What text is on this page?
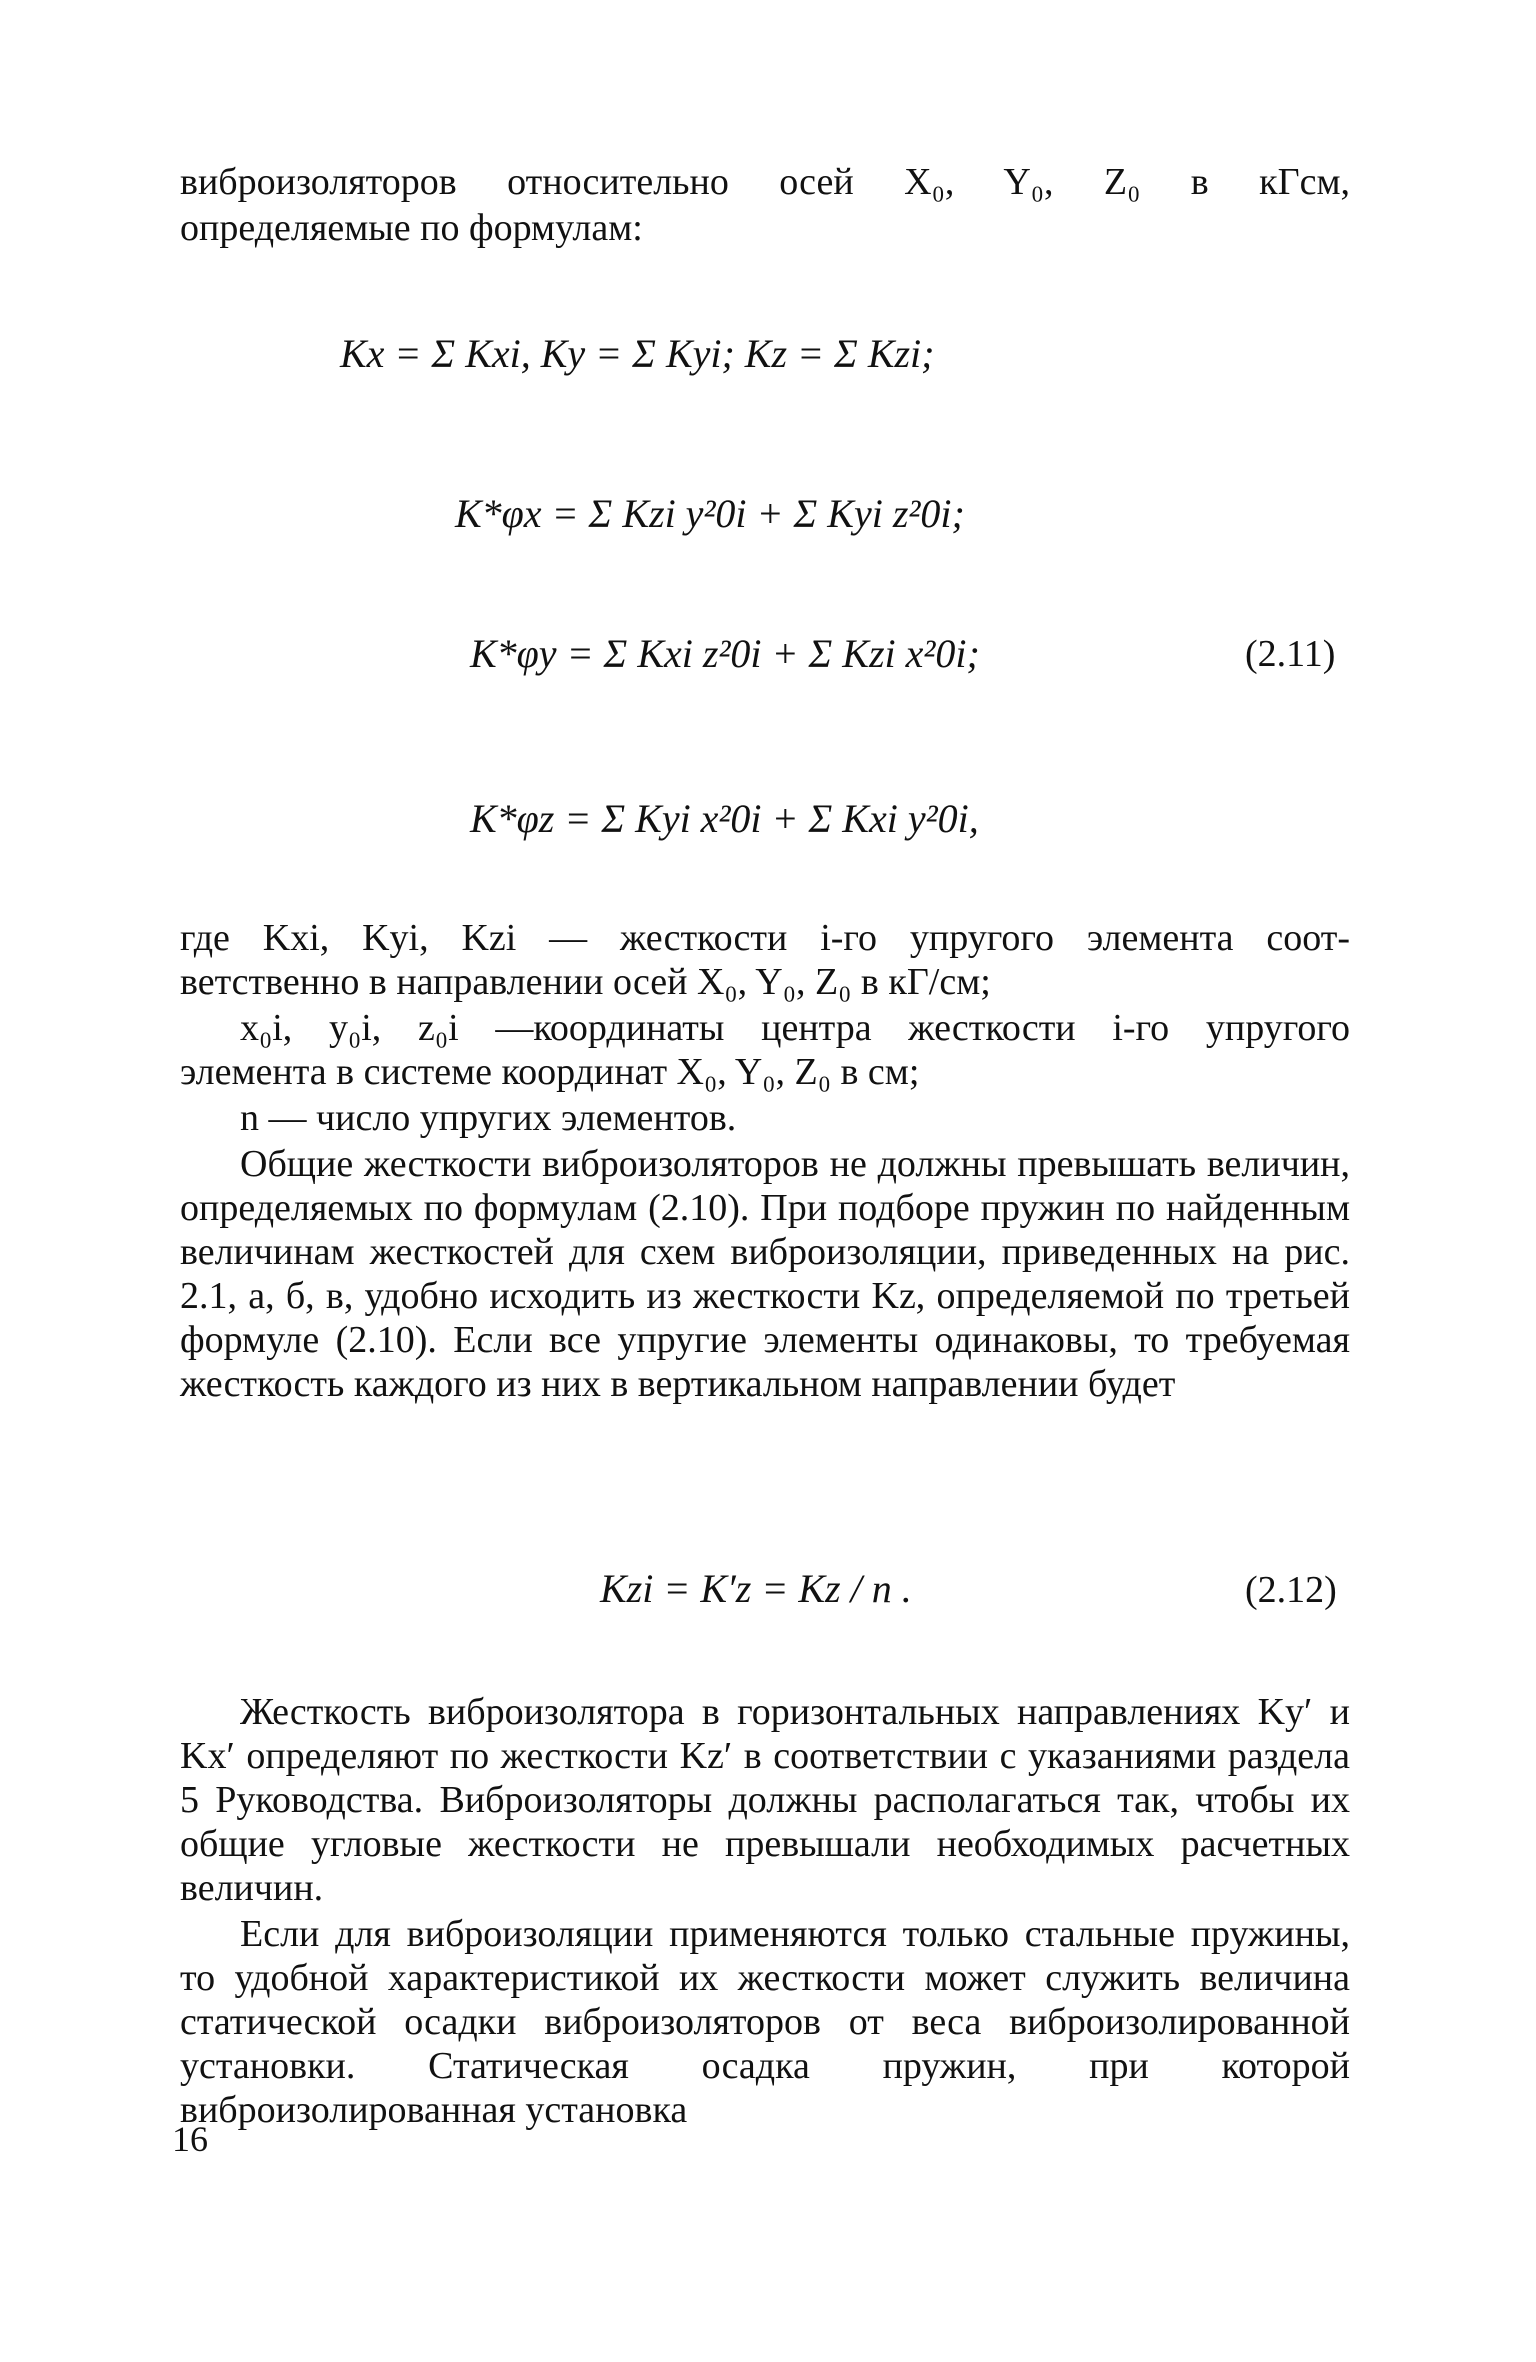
виброизоляторов относительно осей X₀, Y₀, Z₀ в кГсм,
определяемые по формулам:
Kx = Σ Kxi, Ky = Σ Kyi; Kz = Σ Kzi;
K*φx = Σ Kzi y²0i + Σ Kyi z²0i;
K*φy = Σ Kxi z²0i + Σ Kzi x²0i;	(2.11)
K*φz = Σ Kyi x²0i + Σ Kxi y²0i,
где Kxi, Kyi, Kzi — жесткости i-го упругого элемента соот-
ветственно в направлении осей X₀, Y₀, Z₀ в кГ/см;
x₀i, y₀i, z₀i —координаты центра жесткости i-го упругого
элемента в системе координат X₀, Y₀, Z₀ в см;
n — число упругих элементов.

Общие жесткости виброизоляторов не должны превышать величин, определяемых по формулам (2.10). При подборе пружин по найденным величинам жесткостей для схем виброизоляции, приведенных на рис. 2.1, а, б, в, удобно исходить из жесткости Kz, определяемой по третьей формуле (2.10). Если все упругие элементы одинаковы, то требуемая жесткость каждого из них в вертикальном направлении будет

Kzi = K′z = Kz / n .	(2.12)

Жесткость виброизолятора в горизонтальных направлениях Ky′ и Kx′ определяют по жесткости Kz′ в соответствии с указаниями раздела 5 Руководства. Виброизоляторы должны располагаться так, чтобы их общие угловые жесткости не превышали необходимых расчетных величин.

Если для виброизоляции применяются только стальные пружины, то удобной характеристикой их жесткости может служить величина статической осадки виброизоляторов от веса виброизолированной установки. Статическая осадка пружин, при которой виброизолированная установка

16
